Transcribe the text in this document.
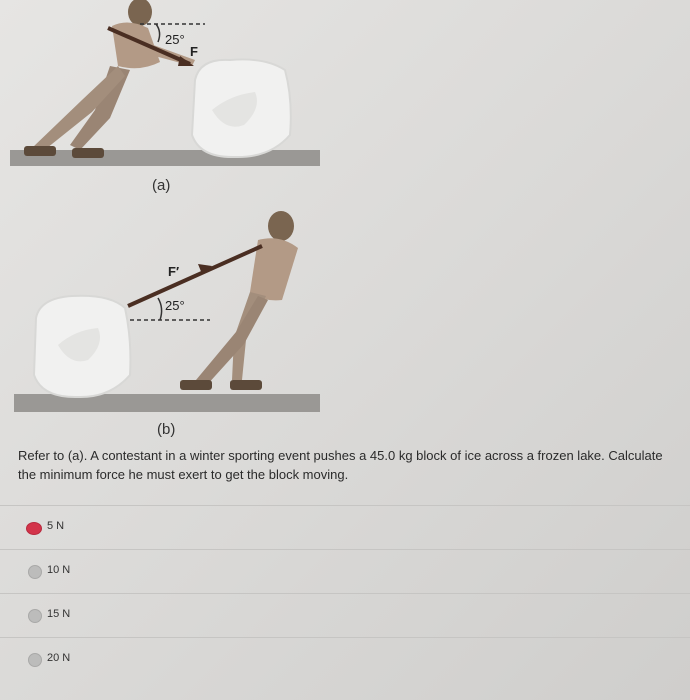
25°
F
(a)
25°
F′
(b)
Refer to (a). A contestant in a winter sporting event pushes a 45.0 kg block of ice across a frozen lake. Calculate the minimum force he must exert to get the block moving.
5 N
10 N
15 N
20 N
